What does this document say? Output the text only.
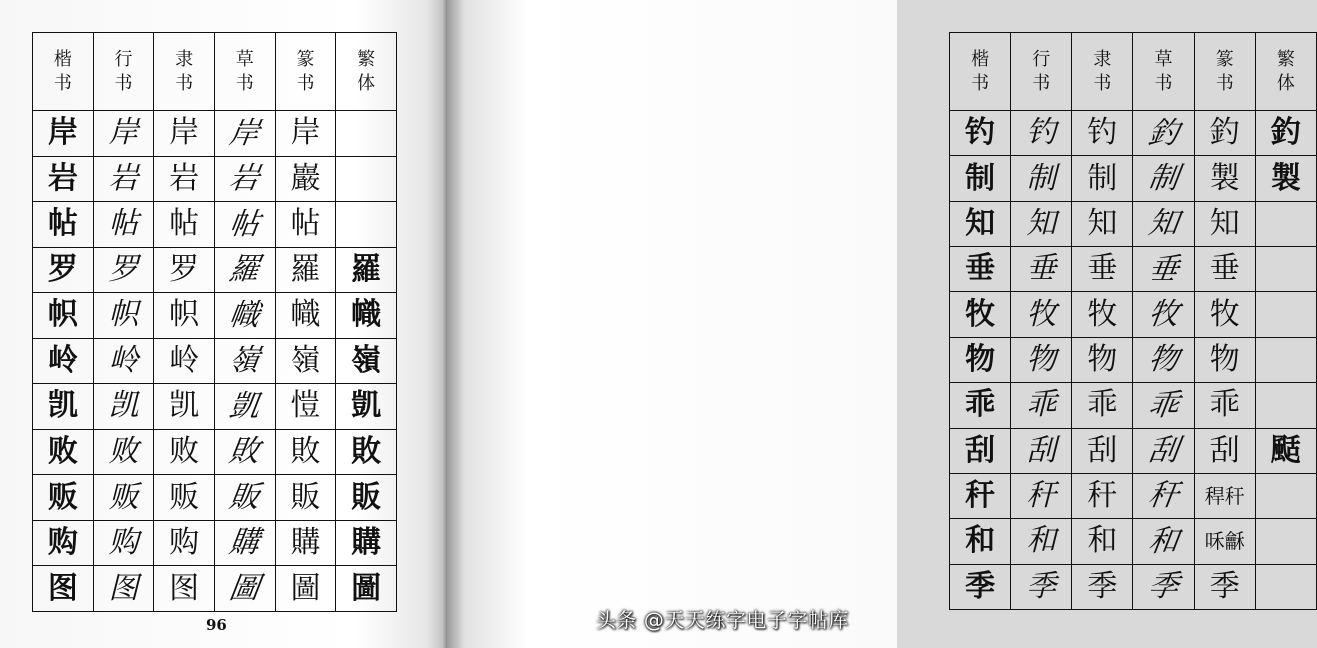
楷
书	行
书	隶
书	草
书	篆
书	繁
体

岸	岸	岸	岸	岸	
岩	岩	岩	岩	巖	
帖	帖	帖	帖	帖	
罗	罗	罗	羅	羅	羅
帜	帜	帜	幟	幟	幟
岭	岭	岭	嶺	嶺	嶺
凯	凯	凯	凱	愷	凱
败	败	败	敗	敗	敗
贩	贩	贩	販	販	販
购	购	购	購	購	購
图	图	图	圖	圖	圖
96
楷
书	行
书	隶
书	草
书	篆
书	繁
体

钓	钓	钓	釣	釣	釣
制	制	制	制	製	製
知	知	知	知	知	
垂	垂	垂	垂	垂	
牧	牧	牧	牧	牧	
物	物	物	物	物	
乖	乖	乖	乖	乖	
刮	刮	刮	刮	刮	颳
秆	秆	秆	秆	稈秆	
和	和	和	和	咊龢	
季	季	季	季	季	
头条 @天天练字电子字帖库
